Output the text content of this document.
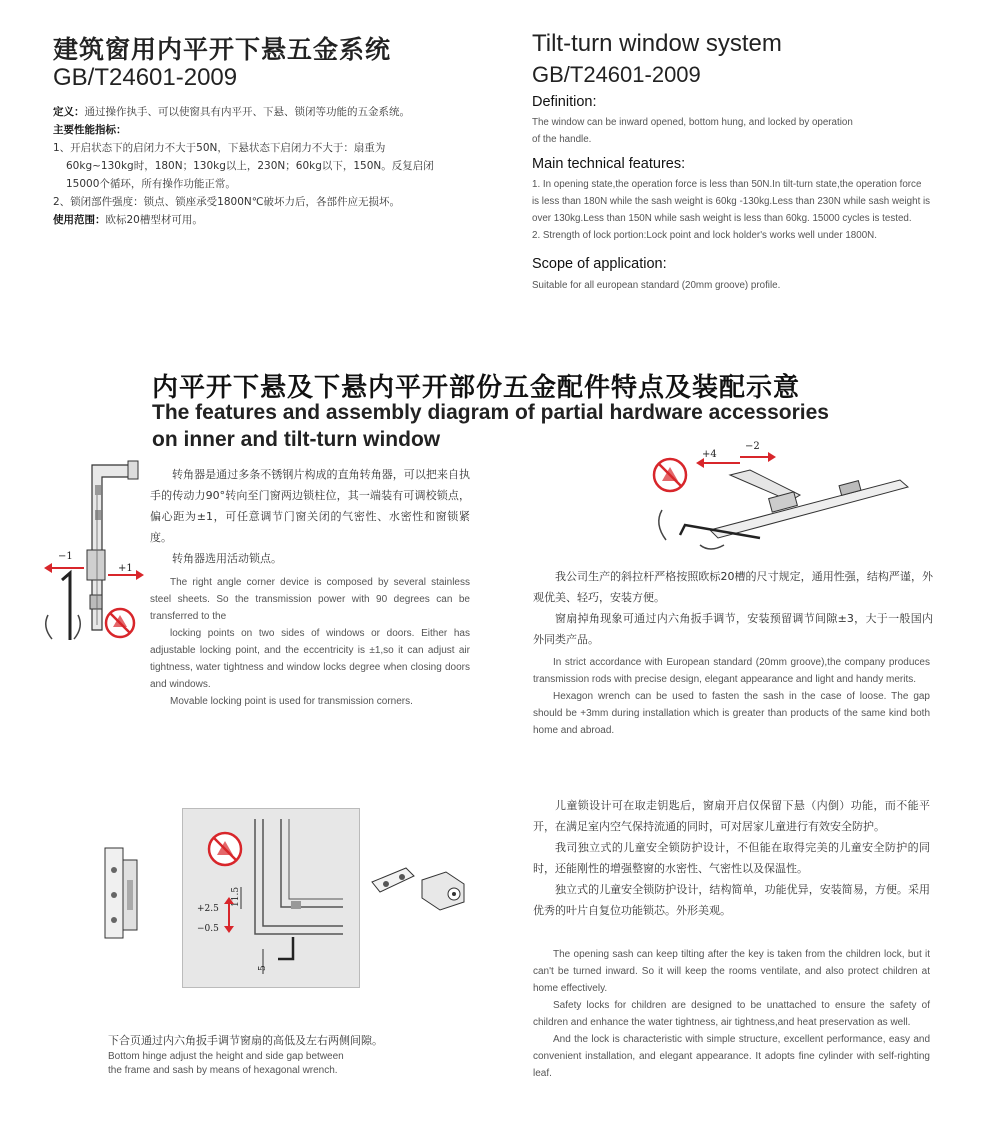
建筑窗用内平开下悬五金系统
GB/T24601-2009
定义：通过操作执手、可以使窗具有内平开、下悬、锁闭等功能的五金系统。
主要性能指标：
1、开启状态下的启闭力不大于50N，下悬状态下启闭力不大于：扇重为
60kg~130kg时，180N；130kg以上，230N；60kg以下，150N。反复启闭
15000个循环，所有操作功能正常。
2、锁闭部件强度：锁点、锁座承受1800N℃破坏力后，各部件应无损坏。
使用范围：欧标20槽型材可用。
Tilt-turn window system
GB/T24601-2009
Definition:
The window can be inward opened, bottom hung, and locked by operation
of the handle.
Main technical features:
1. In opening state,the operation force is less than 50N.In tilt-turn state,the operation force
is less than 180N while the sash weight is 60kg -130kg.Less than 230N while sash weight is
over 130kg.Less than 150N while sash weight is less than 60kg. 15000 cycles is tested.
2. Strength of lock portion:Lock point and lock holder's works well under 1800N.
Scope of application:
Suitable for all european standard (20mm groove) profile.
内平开下悬及下悬内平开部份五金配件特点及装配示意
The features and assembly diagram of partial hardware accessories
on inner and tilt-turn window
−1
+1
转角器是通过多条不锈钢片构成的直角转角器，可以把来自执手的传动力90°转向至门窗两边锁柱位，其一端装有可调校锁点，偏心距为±1，可任意调节门窗关闭的气密性、水密性和窗锁紧度。
转角器选用活动锁点。
The right angle corner device is composed by several stainless steel sheets. So the transmission power with 90 degrees can be transferred to the
locking points on two sides of windows or doors. Either has adjustable locking point, and the eccentricity is ±1,so it can adjust air tightness, water tightness and window locks degree when closing doors and windows.
Movable locking point is used for transmission corners.
+4
−2
我公司生产的斜拉杆严格按照欧标20槽的尺寸规定，通用性强，结构严谨，外观优美、轻巧，安装方便。
窗扇掉角现象可通过内六角扳手调节，安装预留调节间隙±3，大于一般国内外同类产品。
In strict accordance with European standard (20mm groove),the company produces transmission rods with precise design, elegant appearance and light and handy merits.
Hexagon wrench can be used to fasten the sash in the case of loose. The gap should be +3mm during installation which is greater than products of the same kind both home and abroad.
11.5
+2.5
−0.5
5
下合页通过内六角扳手调节窗扇的高低及左右两侧间隙。
Bottom hinge adjust the height and side gap between
the frame and sash by means of hexagonal wrench.
儿童锁设计可在取走钥匙后，窗扇开启仅保留下悬（内倒）功能，而不能平开，在满足室内空气保持流通的同时，可对居家儿童进行有效安全防护。
我司独立式的儿童安全锁防护设计，不但能在取得完美的儿童安全防护的同时，还能刚性的增强整窗的水密性、气密性以及保温性。
独立式的儿童安全锁防护设计，结构简单，功能优异，安装简易，方便。采用优秀的叶片自复位功能锁芯。外形美观。
The opening sash can keep tilting after the key is taken from the children lock, but it can't be turned inward. So it will keep the rooms ventilate, and also protect children at home effectively.
Safety locks for children are designed to be unattached to ensure the safety of children and enhance the water tightness, air tightness,and heat preservation as well.
And the lock is characteristic with simple structure, excellent performance, easy and convenient installation, and elegant appearance. It adopts fine cylinder with self-righting leaf.
